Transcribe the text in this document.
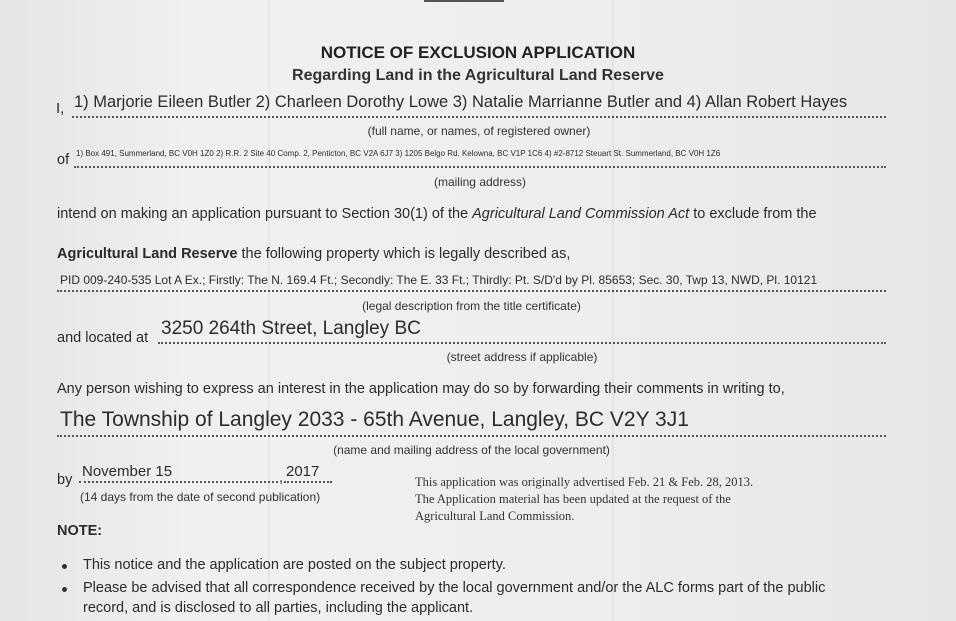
NOTICE OF EXCLUSION APPLICATION
Regarding Land in the Agricultural Land Reserve
I, 1) Marjorie Eileen Butler 2) Charleen Dorothy Lowe 3) Natalie Marrianne Butler and 4) Allan Robert Hayes
(full name, or names, of registered owner)
of 1) Box 491, Summerland, BC V0H 1Z0 2) R.R. 2 Site 40 Comp. 2, Penticton, BC V2A 6J7 3) 1205 Belgo Rd. Kelowna, BC V1P 1C6 4) #2-8712 Steuart St. Summerland, BC V0H 1Z6
(mailing address)
intend on making an application pursuant to Section 30(1) of the Agricultural Land Commission Act to exclude from the
Agricultural Land Reserve the following property which is legally described as,
PID 009-240-535 Lot A Ex.; Firstly: The N. 169.4 Ft.; Secondly: The E. 33 Ft.; Thirdly: Pt. S/D'd by Pl. 85653; Sec. 30, Twp 13, NWD, Pl. 10121
(legal description from the title certificate)
and located at 3250 264th Street, Langley BC
(street address if applicable)
Any person wishing to express an interest in the application may do so by forwarding their comments in writing to,
The Township of Langley 2033 - 65th Avenue, Langley, BC V2Y 3J1
(name and mailing address of the local government)
by November 15	, 2017
(14 days from the date of second publication)
This application was originally advertised Feb. 21 & Feb. 28, 2013.
The Application material has been updated at the request of the
Agricultural Land Commission.
NOTE:
This notice and the application are posted on the subject property.
Please be advised that all correspondence received by the local government and/or the ALC forms part of the public
record, and is disclosed to all parties, including the applicant.
